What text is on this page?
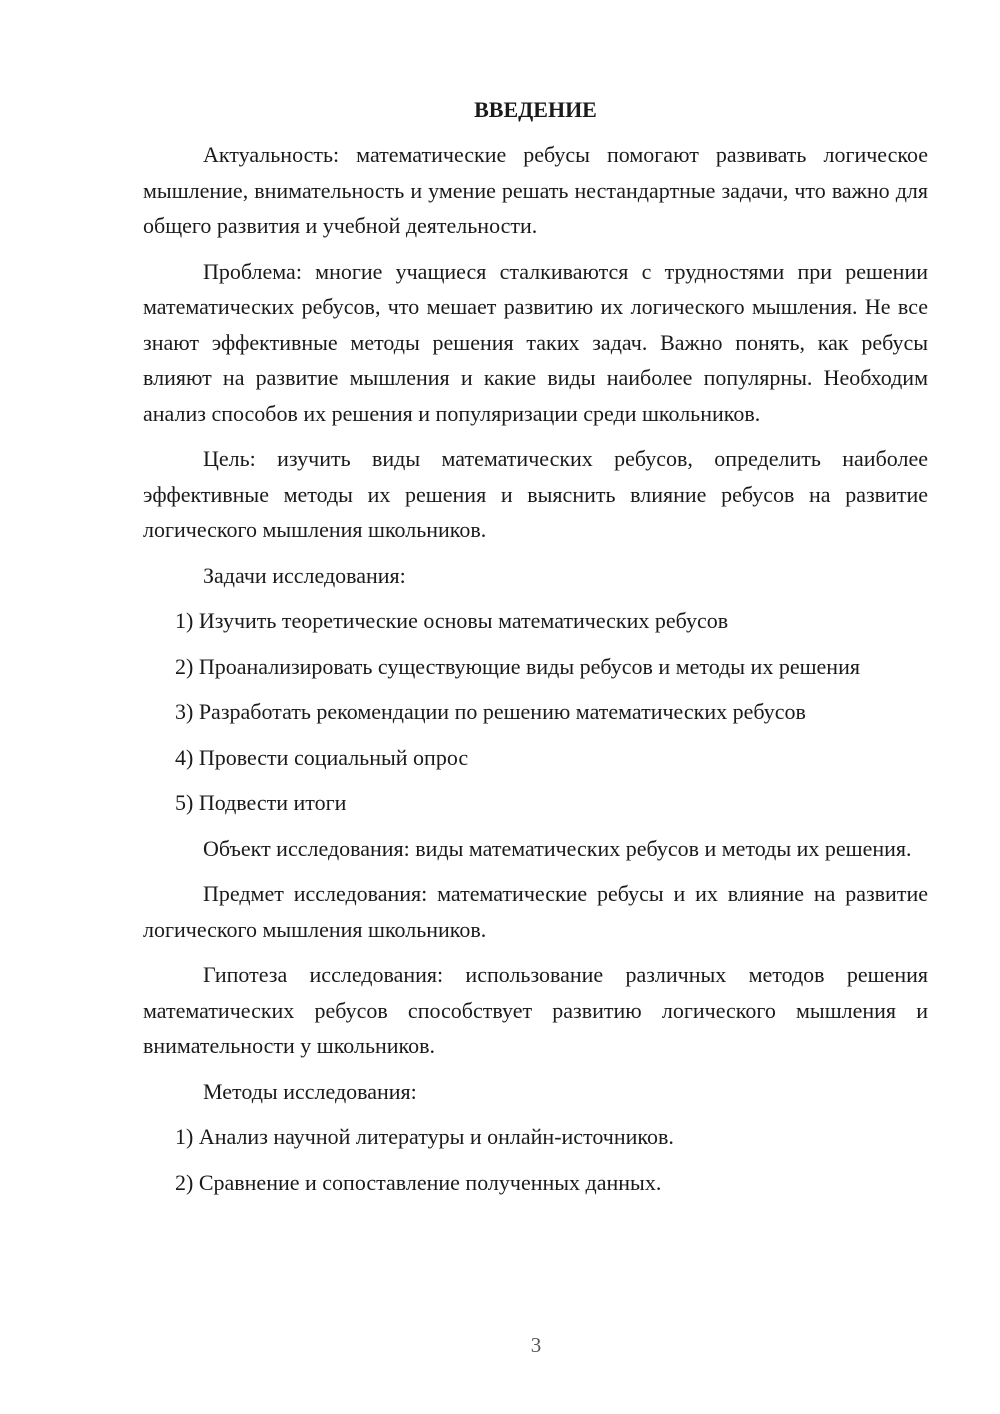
ВВЕДЕНИЕ

Актуальность: математические ребусы помогают развивать логическое мышление, внимательность и умение решать нестандартные задачи, что важно для общего развития и учебной деятельности.

Проблема: многие учащиеся сталкиваются с трудностями при решении математических ребусов, что мешает развитию их логического мышления. Не все знают эффективные методы решения таких задач. Важно понять, как ребусы влияют на развитие мышления и какие виды наиболее популярны. Необходим анализ способов их решения и популяризации среди школьников.

Цель: изучить виды математических ребусов, определить наиболее эффективные методы их решения и выяснить влияние ребусов на развитие логического мышления школьников.

Задачи исследования:

1) Изучить теоретические основы математических ребусов

2) Проанализировать существующие виды ребусов и методы их решения

3) Разработать рекомендации по решению математических ребусов

4) Провести социальный опрос

5) Подвести итоги

Объект исследования: виды математических ребусов и методы их решения.

Предмет исследования: математические ребусы и их влияние на развитие логического мышления школьников.

Гипотеза исследования: использование различных методов решения математических ребусов способствует развитию логического мышления и внимательности у школьников.

Методы исследования:

1) Анализ научной литературы и онлайн-источников.

2) Сравнение и сопоставление полученных данных.

3
